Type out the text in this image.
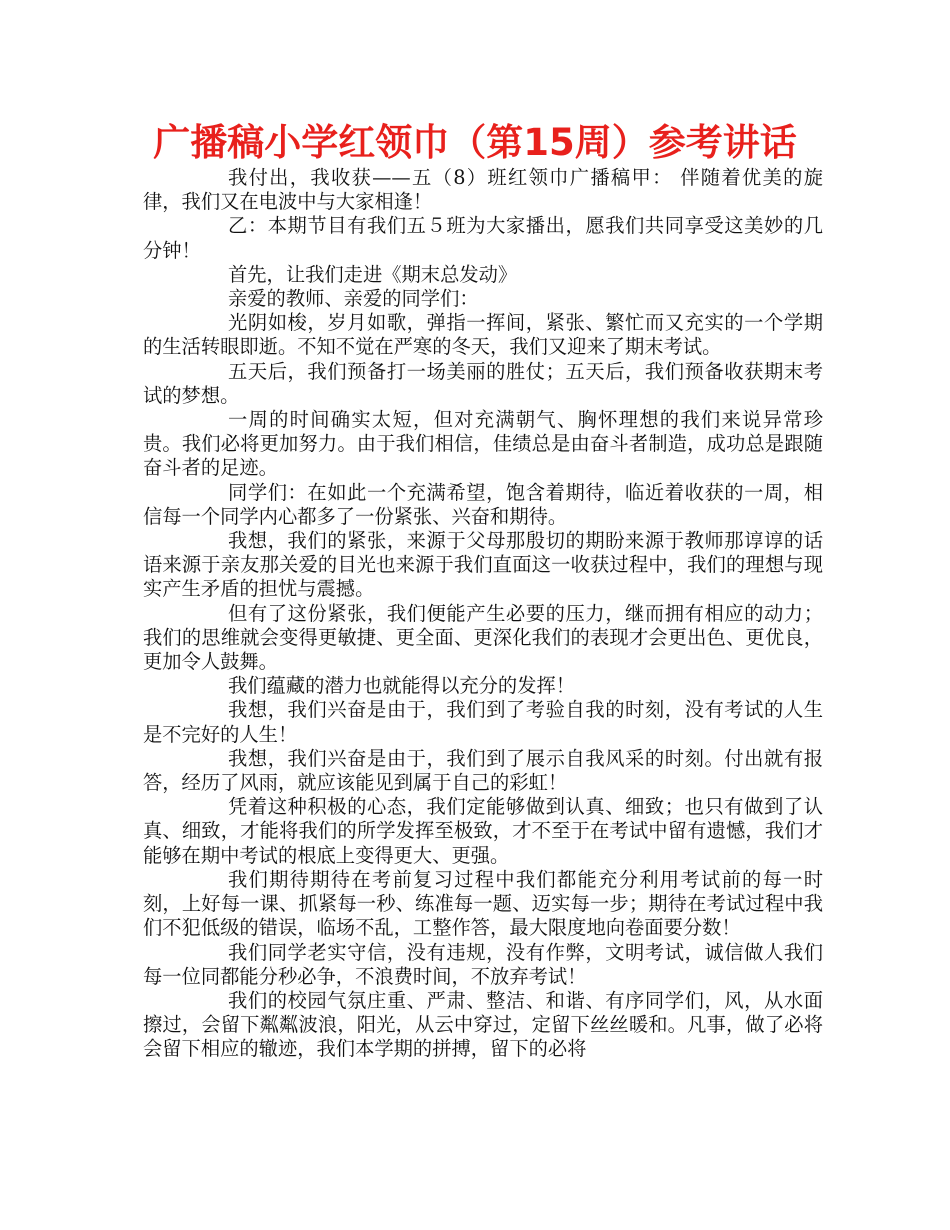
广播稿小学红领巾（第15周）参考讲话

我付出，我收获——五（8）班红领巾广播稿甲： 伴随着优美的旋律，我们又在电波中与大家相逢！

乙：本期节目有我们五５班为大家播出，愿我们共同享受这美妙的几分钟！

首先，让我们走进《期末总发动》

亲爱的教师、亲爱的同学们：

光阴如梭，岁月如歌，弹指一挥间，紧张、繁忙而又充实的一个学期的生活转眼即逝。不知不觉在严寒的冬天，我们又迎来了期末考试。

五天后，我们预备打一场美丽的胜仗；五天后，我们预备收获期末考试的梦想。

一周的时间确实太短，但对充满朝气、胸怀理想的我们来说异常珍贵。我们必将更加努力。由于我们相信，佳绩总是由奋斗者制造，成功总是跟随奋斗者的足迹。

同学们：在如此一个充满希望，饱含着期待，临近着收获的一周，相信每一个同学内心都多了一份紧张、兴奋和期待。

我想，我们的紧张，来源于父母那殷切的期盼来源于教师那谆谆的话语来源于亲友那关爱的目光也来源于我们直面这一收获过程中，我们的理想与现实产生矛盾的担忧与震撼。

但有了这份紧张，我们便能产生必要的压力，继而拥有相应的动力；我们的思维就会变得更敏捷、更全面、更深化我们的表现才会更出色、更优良，更加令人鼓舞。

我们蕴藏的潜力也就能得以充分的发挥！

我想，我们兴奋是由于，我们到了考验自我的时刻，没有考试的人生是不完好的人生！

我想，我们兴奋是由于，我们到了展示自我风采的时刻。付出就有报答，经历了风雨，就应该能见到属于自己的彩虹！

凭着这种积极的心态，我们定能够做到认真、细致；也只有做到了认真、细致，才能将我们的所学发挥至极致，才不至于在考试中留有遗憾，我们才能够在期中考试的根底上变得更大、更强。

我们期待期待在考前复习过程中我们都能充分利用考试前的每一时刻，上好每一课、抓紧每一秒、练准每一题、迈实每一步；期待在考试过程中我们不犯低级的错误，临场不乱，工整作答，最大限度地向卷面要分数！

我们同学老实守信，没有违规，没有作弊，文明考试，诚信做人我们每一位同都能分秒必争，不浪费时间，不放弃考试！

我们的校园气氛庄重、严肃、整洁、和谐、有序同学们，风，从水面擦过，会留下粼粼波浪，阳光，从云中穿过，定留下丝丝暖和。凡事，做了必将会留下相应的辙迹，我们本学期的拼搏，留下的必将
